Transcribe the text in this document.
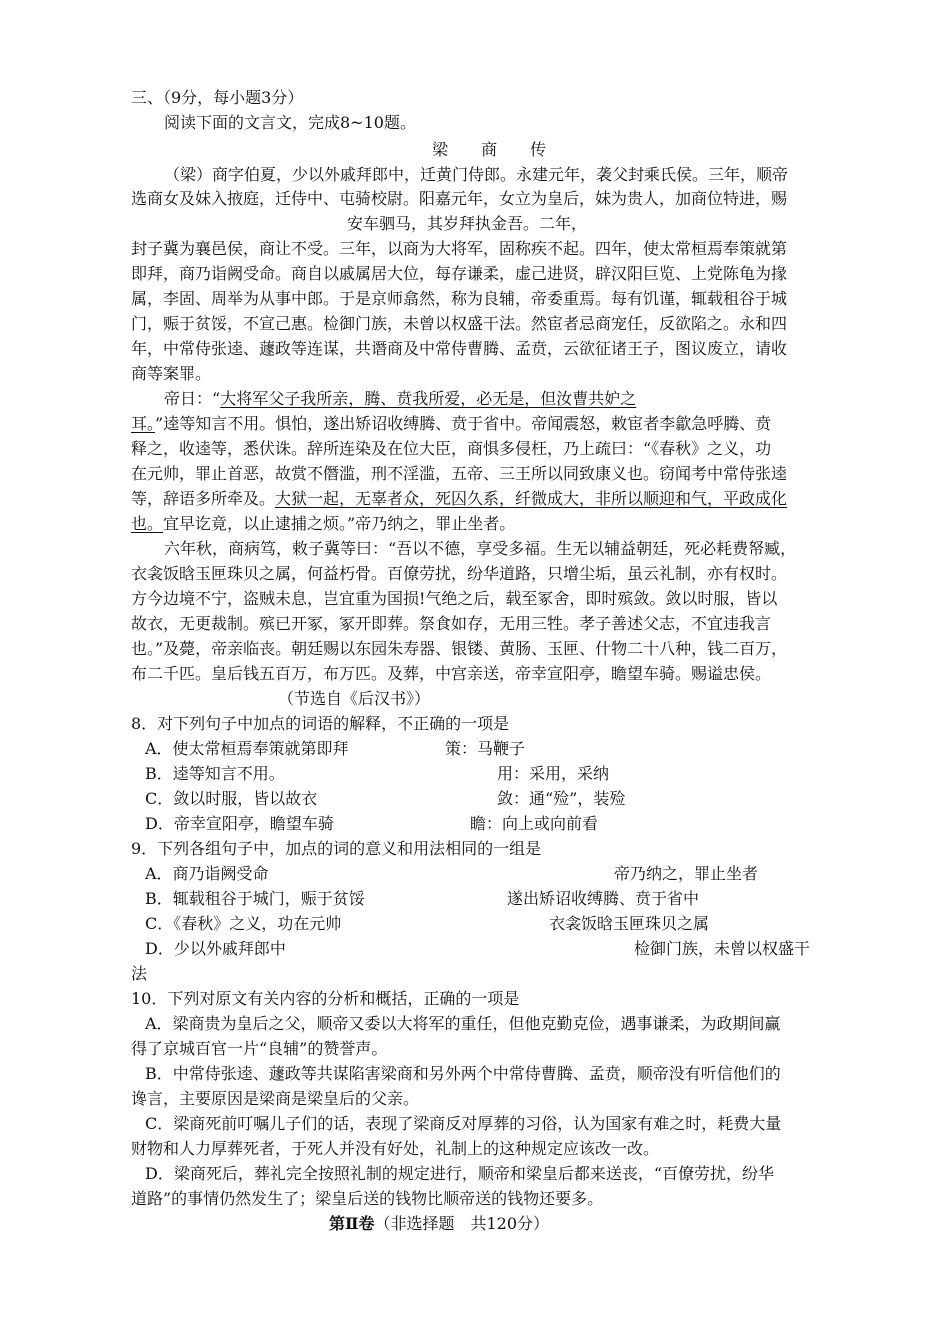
三、（9分，每小题3分）
阅读下面的文言文，完成8~10题。
梁 商 传
（梁）商字伯夏，少以外戚拜郎中，迁黄门侍郎。永建元年，袭父封乘氏侯。三年，顺帝
选商女及妹入掖庭，迁侍中、屯骑校尉。阳嘉元年，女立为皇后，妹为贵人，加商位特进，赐
安车驷马，其岁拜执金吾。二年，
封子冀为襄邑侯，商让不受。三年，以商为大将军，固称疾不起。四年，使太常桓焉奉策就第
即拜，商乃诣阙受命。商自以戚属居大位，每存谦柔，虚己进贤，辟汉阳巨览、上党陈龟为掾
属，李固、周举为从事中郎。于是京师翕然，称为良辅，帝委重焉。每有饥谨，辄载租谷于城
门，赈于贫馁，不宣己惠。检御门族，未曾以权盛干法。然宦者忌商宠任，反欲陷之。永和四
年，中常侍张逵、蘧政等连谋，共谮商及中常侍曹腾、孟贲，云欲征诸王子，图议废立，请收
商等案罪。
帝日：“大将军父子我所亲，腾、贲我所爱，必无是，但汝曹共妒之
耳。”逵等知言不用。惧怕，遂出矫诏收缚腾、贲于省中。帝闻震怒，敕宦者李歙急呼腾、贲
释之，收逵等，悉伏诛。辞所连染及在位大臣，商惧多侵枉，乃上疏曰：“《春秋》之义，功
在元帅，罪止首恶，故赏不僭滥，刑不淫滥，五帝、三王所以同致康义也。窃闻考中常侍张逵
等，辞语多所牵及。大狱一起，无辜者众，死囚久系，纤微成大，非所以顺迎和气，平政成化
也。宜早讫竟，以止逮捕之烦。”帝乃纳之，罪止坐者。
六年秋，商病笃，敕子冀等曰：“吾以不德，享受多福。生无以辅益朝廷，死必耗费帑臧，
衣衾饭晗玉匣珠贝之属，何益朽骨。百僚劳扰，纷华道路，只增尘垢，虽云礼制，亦有权时。
方今边境不宁，盗贼未息，岂宜重为国损!气绝之后，载至冢舍，即时殡敛。敛以时服，皆以
故衣，无更裁制。殡已开冢，冢开即葬。祭食如存，无用三牲。孝子善述父志，不宜违我言
也。”及薨，帝亲临丧。朝廷赐以东园朱寿器、银镂、黄肠、玉匣、什物二十八种，钱二百万，
布二千匹。皇后钱五百万，布万匹。及葬，中宫亲送，帝幸宣阳亭，瞻望车骑。赐谥忠侯。
（节选自《后汉书》）
8．对下列句子中加点的词语的解释，不正确的一项是
A．使太常桓焉奉策就第即拜	策：马鞭子
B．逵等知言不用。	用：采用，采纳
C．敛以时服，皆以故衣	敛：通“殓”，装殓
D．帝幸宣阳亭，瞻望车骑	瞻：向上或向前看
9．下列各组句子中，加点的词的意义和用法相同的一组是
A．商乃诣阙受命	帝乃纳之，罪止坐者
B．辄载租谷于城门，赈于贫馁	遂出矫诏收缚腾、贲于省中
C．《春秋》之义，功在元帅	衣衾饭晗玉匣珠贝之属
D．少以外戚拜郎中	检御门族，未曾以权盛干
法
10．下列对原文有关内容的分析和概括，正确的一项是
A．梁商贵为皇后之父，顺帝又委以大将军的重任，但他克勤克俭，遇事谦柔，为政期间赢
得了京城百官一片“良辅”的赞誉声。
B．中常侍张逵、蘧政等共谋陷害梁商和另外两个中常侍曹腾、孟贲，顺帝没有听信他们的
谗言，主要原因是梁商是梁皇后的父亲。
C．梁商死前叮嘱儿子们的话，表现了梁商反对厚葬的习俗，认为国家有难之时，耗费大量
财物和人力厚葬死者，于死人并没有好处，礼制上的这种规定应该改一改。
D．梁商死后，葬礼完全按照礼制的规定进行，顺帝和梁皇后都来送丧，“百僚劳扰，纷华
道路”的事情仍然发生了；梁皇后送的钱物比顺帝送的钱物还要多。
第Ⅱ卷（非选择题　共120分）
